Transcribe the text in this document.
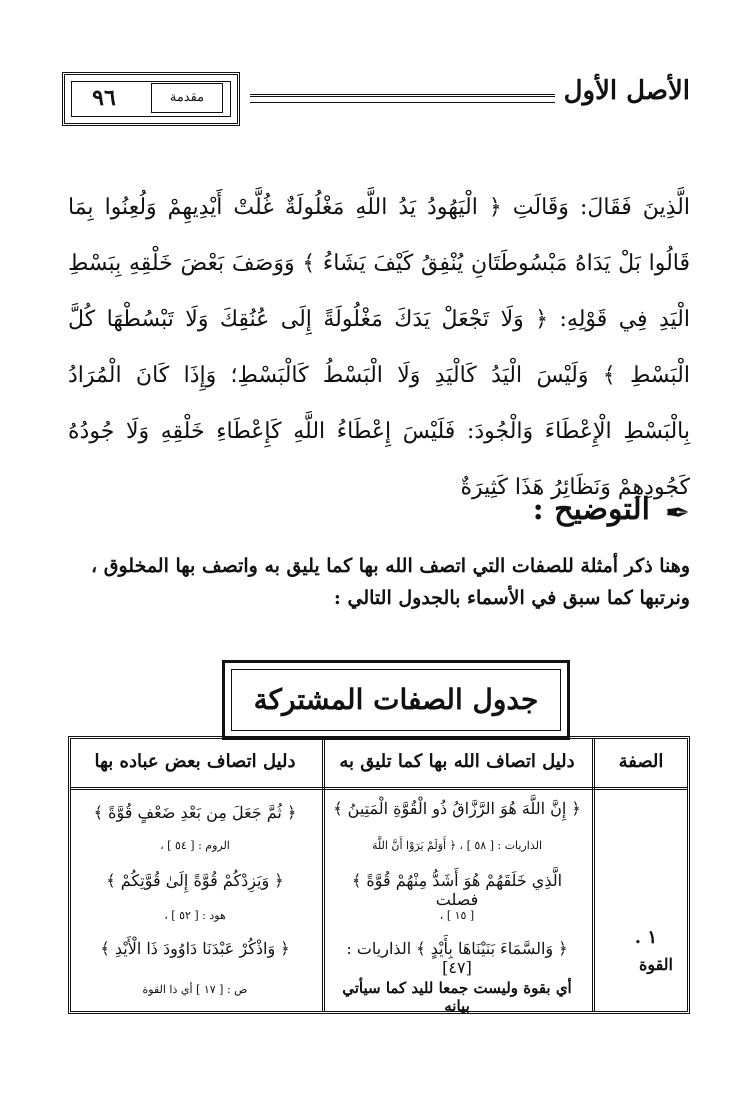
٩٦	مقدمة	الأصل الأول
الَّذِينَ فَقَالَ: وَقَالَتِ ﴿ الْيَهُودُ يَدُ اللَّهِ مَغْلُولَةٌ غُلَّتْ أَيْدِيهِمْ وَلُعِنُوا بِمَا قَالُوا بَلْ يَدَاهُ مَبْسُوطَتَانِ يُنْفِقُ كَيْفَ يَشَاءُ ﴾ وَوَصَفَ بَعْضَ خَلْقِهِ بِبَسْطِ الْيَدِ فِي قَوْلِهِ: ﴿ وَلَا تَجْعَلْ يَدَكَ مَغْلُولَةً إِلَى عُنُقِكَ وَلَا تَبْسُطْهَا كُلَّ الْبَسْطِ ﴾ وَلَيْسَ الْيَدُ كَالْيَدِ وَلَا الْبَسْطُ كَالْبَسْطِ؛ وَإِذَا كَانَ الْمُرَادُ بِالْبَسْطِ الْإِعْطَاءَ وَالْجُودَ: فَلَيْسَ إِعْطَاءُ اللَّهِ كَإِعْطَاءِ خَلْقِهِ وَلَا جُودُهُ كَجُودِهِمْ وَنَظَائِرُ هَذَا كَثِيرَةٌ
✒
التوضيح :
وهنا ذكر أمثلة للصفات التي اتصف الله بها كما يليق به واتصف بها المخلوق ،
ونرتبها كما سبق في الأسماء بالجدول التالي :
جدول الصفات المشتركة
الصفة
دليل اتصاف الله بها كما تليق به
دليل اتصاف بعض عباده بها
١ .
القوة
﴿ إِنَّ اللَّهَ هُوَ الرَّزَّاقُ ذُو الْقُوَّةِ الْمَتِينُ ﴾
الذاريات : [ ٥٨ ] ، ﴿ أَوَلَمْ يَرَوْا أَنَّ اللَّهَ
الَّذِي خَلَقَهُمْ هُوَ أَشَدُّ مِنْهُمْ قُوَّةً ﴾ فصلت
[ ١٥ ] ،
﴿ وَالسَّمَاءَ بَنَيْنَاهَا بِأَيْدٍ ﴾ الذاريات : [٤٧]
أي بقوة وليست جمعا لليد كما سيأتي بيانه
﴿ ثُمَّ جَعَلَ مِن بَعْدِ ضَعْفٍ قُوَّةً ﴾
الروم : [ ٥٤ ] ،
﴿ وَيَزِدْكُمْ قُوَّةً إِلَىٰ قُوَّتِكُمْ ﴾
هود : [ ٥٢ ] ،
﴿ وَاذْكُرْ عَبْدَنَا دَاوُودَ ذَا الْأَيْدِ ﴾
ص : [ ١٧ ] أي ذا القوة
